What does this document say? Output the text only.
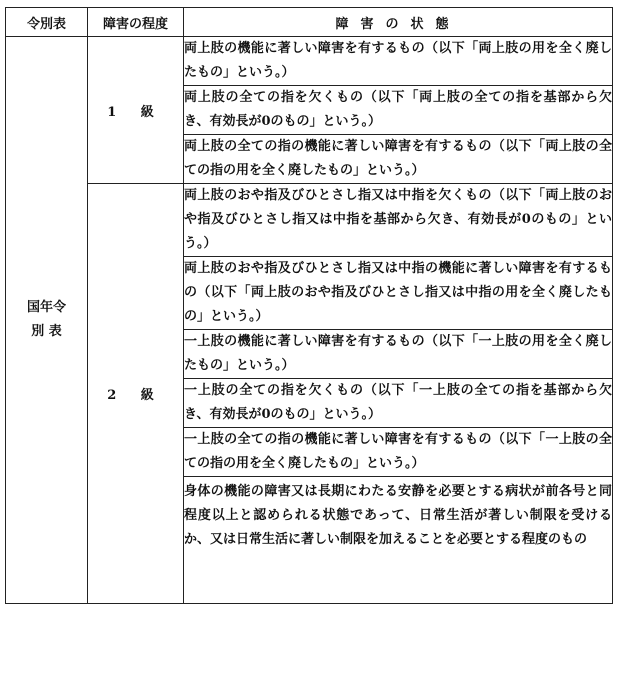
令別表	障害の程度	障害の状態

国年令
別 表	1 級	両上肢の機能に著しい障害を有するもの（以下「両上肢の用を全く廃したもの」という。）
		両上肢の全ての指を欠くもの（以下「両上肢の全ての指を基部から欠き、有効長が0のもの」という。）
		両上肢の全ての指の機能に著しい障害を有するもの（以下「両上肢の全ての指の用を全く廃したもの」という。）
	2 級	両上肢のおや指及びひとさし指又は中指を欠くもの（以下「両上肢のおや指及びひとさし指又は中指を基部から欠き、有効長が0のもの」という。）
		両上肢のおや指及びひとさし指又は中指の機能に著しい障害を有するもの（以下「両上肢のおや指及びひとさし指又は中指の用を全く廃したもの」という。）
		一上肢の機能に著しい障害を有するもの（以下「一上肢の用を全く廃したもの」という。）
		一上肢の全ての指を欠くもの（以下「一上肢の全ての指を基部から欠き、有効長が0のもの」という。）
		一上肢の全ての指の機能に著しい障害を有するもの（以下「一上肢の全ての指の用を全く廃したもの」という。）

		身体の機能の障害又は長期にわたる安静を必要とする病状が前各号と同程度以上と認められる状態であって、日常生活が著しい制限を受けるか、又は日常生活に著しい制限を加えることを必要とする程度のもの
